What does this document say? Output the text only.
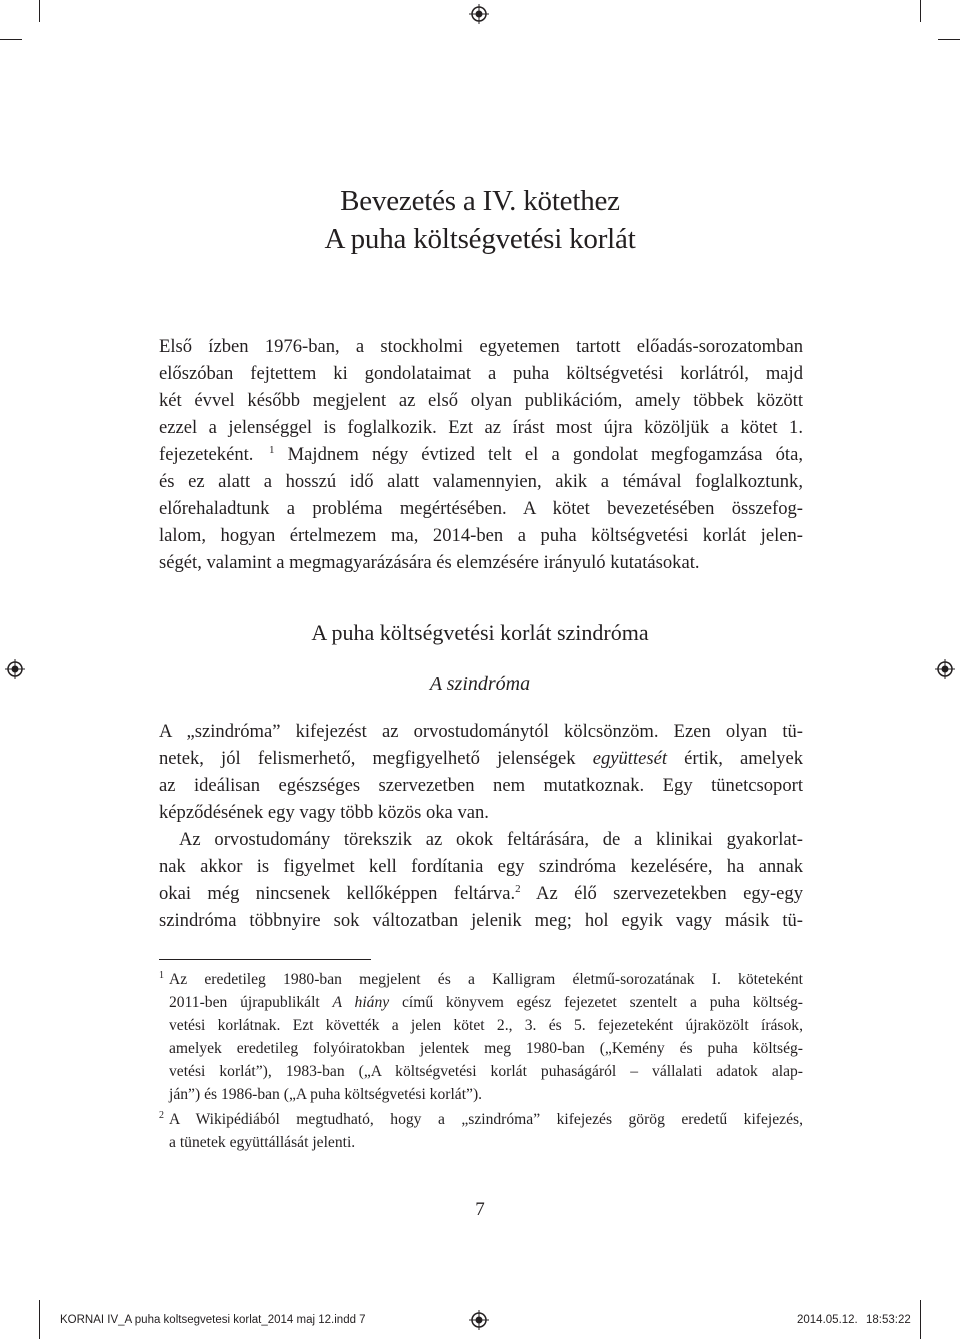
Bevezetés a IV. kötethez
A puha költségvetési korlát

Első ízben 1976-ban, a stockholmi egyetemen tartott előadás-sorozatomban
előszóban fejtettem ki gondolataimat a puha költségvetési korlátról, majd
két évvel később megjelent az első olyan publikációm, amely többek között
ezzel a jelenséggel is foglalkozik. Ezt az írást most újra közöljük a kötet 1.
fejezeteként.	$^1$ Majdnem négy évtized telt el a gondolat megfogamzása óta,
és ez alatt a hosszú idő alatt valamennyien, akik a témával foglalkoztunk,
előrehaladtunk a probléma megértésében. A kötet bevezetésében összefog-
lalom, hogyan értelmezem ma, 2014-ben a puha költségvetési korlát jelen-
ségét, valamint a megmagyarázására és elemzésére irányuló kutatásokat.

A puha költségvetési korlát szindróma
A szindróma

A „szindróma” kifejezést az orvostudománytól kölcsönzöm. Ezen olyan tü-
netek, jól felismerhető, megfigyelhető jelenségek együttesét értik, amelyek
az ideálisan egészséges szervezetben nem mutatkoznak. Egy tünetcsoport
képződésének egy vagy több közös oka van.

Az orvostudomány törekszik az okok feltárására, de a klinikai gyakorlat-
nak akkor is figyelmet kell fordítania egy szindróma kezelésére, ha annak
okai még nincsenek kellőképpen feltárva.$^2$ Az élő szervezetekben egy-egy
szindróma többnyire sok változatban jelenik meg; hol egyik vagy másik tü-

1 Az eredetileg 1980-ban megjelent és a Kalligram életmű-sorozatának I. köteteként
2011-ben újrapublikált A hiány című könyvem egész fejezetet szentelt a puha költség-
vetési korlátnak. Ezt követték a jelen kötet 2., 3. és 5. fejezeteként újraközölt írások,
amelyek eredetileg folyóiratokban jelentek meg 1980-ban („Kemény és puha költség-
vetési korlát”), 1983-ban („A költségvetési korlát puhaságáról – vállalati adatok alap-
ján”) és 1986-ban („A puha költségvetési korlát”).
2 A Wikipédiából megtudható, hogy a „szindróma” kifejezés görög eredetű kifejezés,
a tünetek együttállását jelenti.
7
KORNAI IV_A puha koltsegvetesi korlat_2014 maj 12.indd 7	2014.05.12. 18:53:22
